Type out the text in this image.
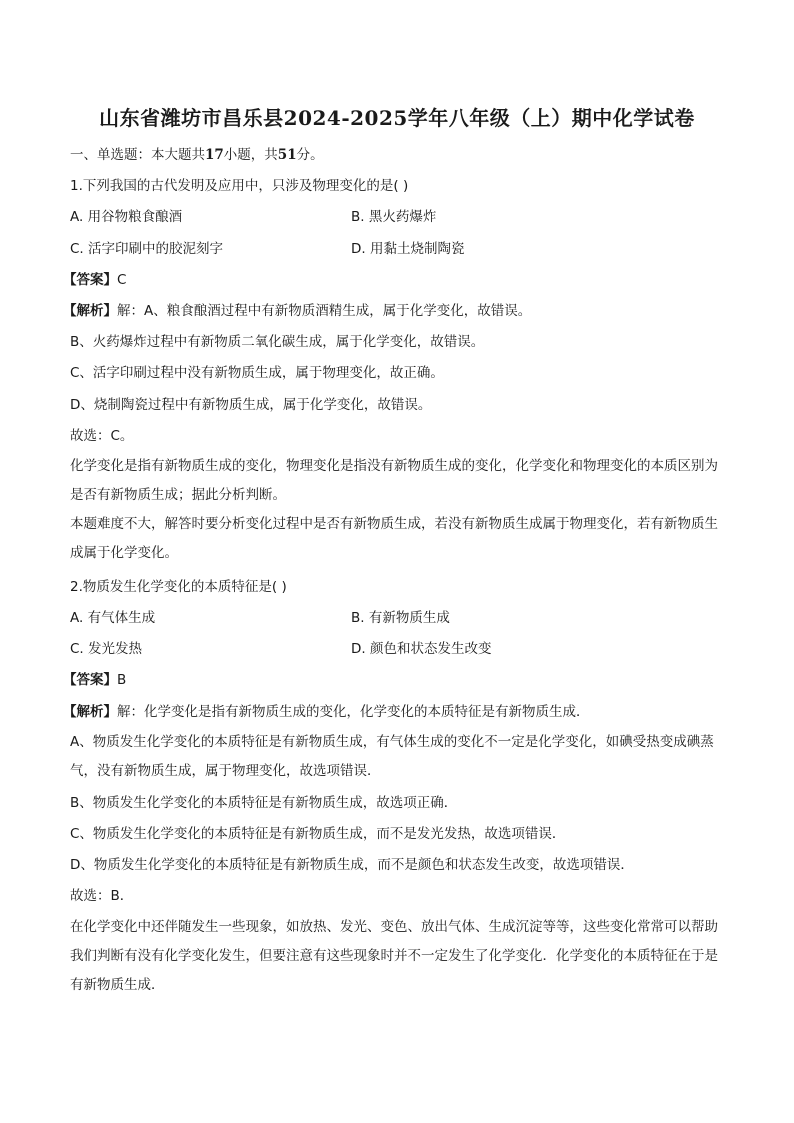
山东省潍坊市昌乐县2024-2025学年八年级（上）期中化学试卷
一、单选题：本大题共17小题，共51分。
1.下列我国的古代发明及应用中，只涉及物理变化的是( )
A. 用谷物粮食酿酒	B. 黑火药爆炸
C. 活字印刷中的胶泥刻字	D. 用黏土烧制陶瓷
【答案】C
【解析】解：A、粮食酿酒过程中有新物质酒精生成，属于化学变化，故错误。
B、火药爆炸过程中有新物质二氧化碳生成，属于化学变化，故错误。
C、活字印刷过程中没有新物质生成，属于物理变化，故正确。
D、烧制陶瓷过程中有新物质生成，属于化学变化，故错误。
故选：C。
化学变化是指有新物质生成的变化，物理变化是指没有新物质生成的变化，化学变化和物理变化的本质区别为是否有新物质生成；据此分析判断。
本题难度不大，解答时要分析变化过程中是否有新物质生成，若没有新物质生成属于物理变化，若有新物质生成属于化学变化。
2.物质发生化学变化的本质特征是( )
A. 有气体生成	B. 有新物质生成
C. 发光发热	D. 颜色和状态发生改变
【答案】B
【解析】解：化学变化是指有新物质生成的变化，化学变化的本质特征是有新物质生成．
A、物质发生化学变化的本质特征是有新物质生成，有气体生成的变化不一定是化学变化，如碘受热变成碘蒸气，没有新物质生成，属于物理变化，故选项错误．
B、物质发生化学变化的本质特征是有新物质生成，故选项正确．
C、物质发生化学变化的本质特征是有新物质生成，而不是发光发热，故选项错误．
D、物质发生化学变化的本质特征是有新物质生成，而不是颜色和状态发生改变，故选项错误．
故选：B．
在化学变化中还伴随发生一些现象，如放热、发光、变色、放出气体、生成沉淀等等，这些变化常常可以帮助我们判断有没有化学变化发生，但要注意有这些现象时并不一定发生了化学变化．化学变化的本质特征在于是有新物质生成．
